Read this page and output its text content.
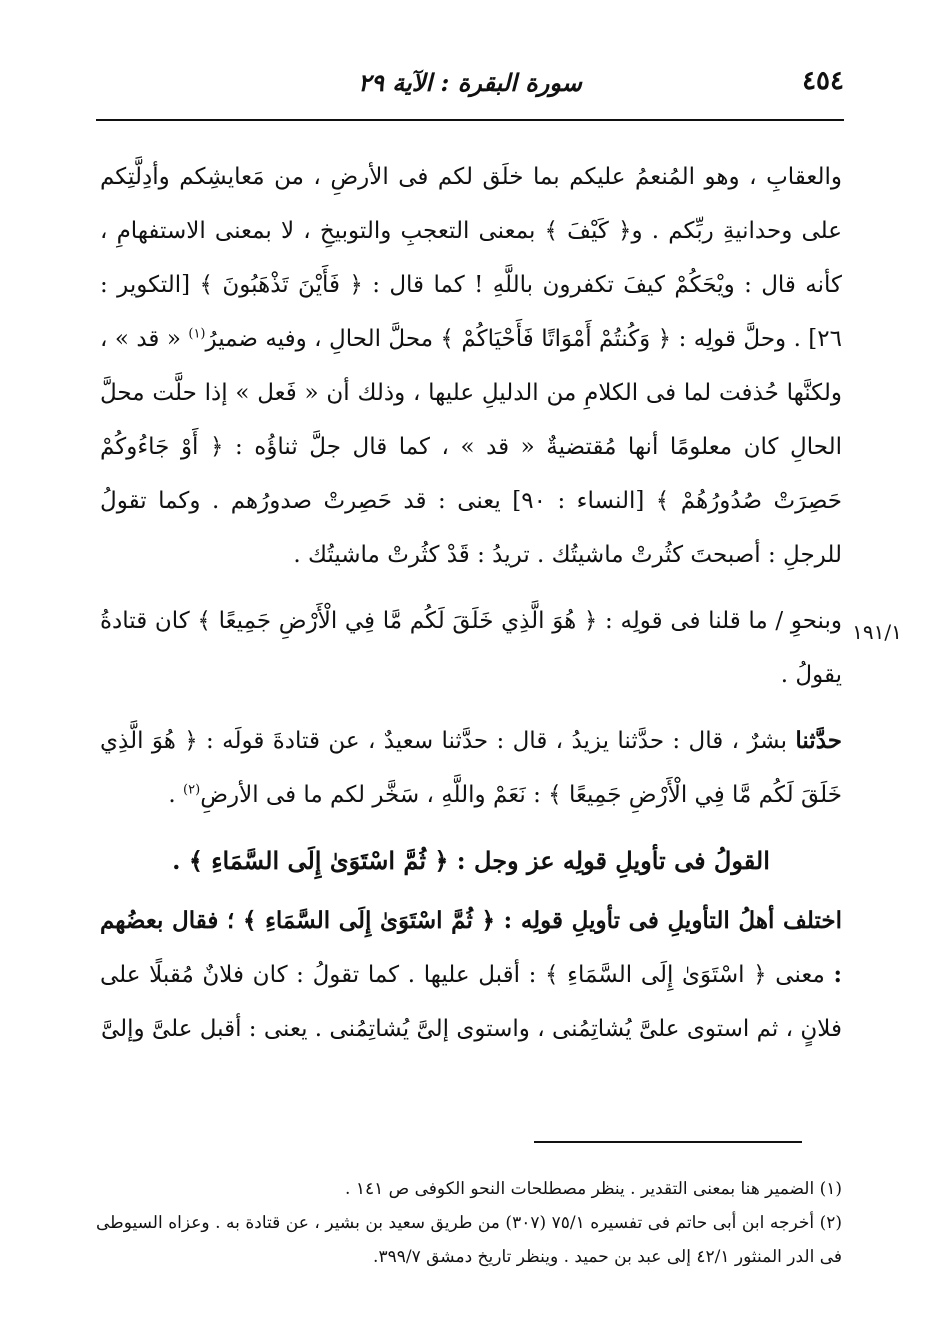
٤٥٤
سورة البقرة : الآية ٢٩
١٩١/١

والعقابِ ، وهو المُنعمُ عليكم بما خلَق لكم فى الأرضِ ، من مَعايشِكم وأدِلَّتِكم على وحدانيةِ ربِّكم . و﴿ كَيْفَ ﴾ بمعنى التعجبِ والتوبيخِ ، لا بمعنى الاستفهامِ ، كأنه قال : ويْحَكُمْ كيفَ تكفرون باللَّهِ ! كما قال : ﴿ فَأَيْنَ تَذْهَبُونَ ﴾ [التكوير : ٢٦] . وحلَّ قولِه : ﴿ وَكُنتُمْ أَمْوَاتًا فَأَحْيَاكُمْ ﴾ محلَّ الحالِ ، وفيه ضميرُ$^{(١)}$ « قد » ، ولكنَّها حُذفت لما فى الكلامِ من الدليلِ عليها ، وذلك أن « فَعل » إذا حلَّت محلَّ الحالِ كان معلومًا أنها مُقتضيةٌ « قد » ، كما قال جلَّ ثناؤُه : ﴿ أَوْ جَاءُوكُمْ حَصِرَتْ صُدُورُهُمْ ﴾ [النساء : ٩٠] يعنى : قد حَصِرتْ صدورُهم . وكما تقولُ للرجلِ : أصبحتَ كثُرتْ ماشيتُك . تريدُ : قَدْ كثُرتْ ماشيتُك .

وبنحوِ / ما قلنا فى قولِه : ﴿ هُوَ الَّذِي خَلَقَ لَكُم مَّا فِي الْأَرْضِ جَمِيعًا ﴾ كان قتادةُ يقولُ .

حدَّثنا بشرٌ ، قال : حدَّثنا يزيدُ ، قال : حدَّثنا سعيدٌ ، عن قتادةَ قولَه : ﴿ هُوَ الَّذِي خَلَقَ لَكُم مَّا فِي الْأَرْضِ جَمِيعًا ﴾ : نَعَمْ واللَّهِ ، سَخَّر لكم ما فى الأرضِ$^{(٢)}$ .

القولُ فى تأويلِ قولِه عز وجل : ﴿ ثُمَّ اسْتَوَىٰ إِلَى السَّمَاءِ ﴾ .

اختلف أهلُ التأويلِ فى تأويلِ قولِه : ﴿ ثُمَّ اسْتَوَىٰ إِلَى السَّمَاءِ ﴾ ؛ فقال بعضُهم : معنى ﴿ اسْتَوَىٰ إِلَى السَّمَاءِ ﴾ : أقبل عليها . كما تقولُ : كان فلانٌ مُقبلًا على فلانٍ ، ثم استوى علىَّ يُشاتِمُنى ، واستوى إلىَّ يُشاتِمُنى . يعنى : أقبل علىَّ وإلىَّ

(١) الضمير هنا بمعنى التقدير . ينظر مصطلحات النحو الكوفى ص ١٤١ .

(٢) أخرجه ابن أبى حاتم فى تفسيره ٧٥/١ (٣٠٧) من طريق سعيد بن بشير ، عن قتادة به . وعزاه السيوطى فى الدر المنثور ٤٢/١ إلى عبد بن حميد . وينظر تاريخ دمشق ٣٩٩/٧.
